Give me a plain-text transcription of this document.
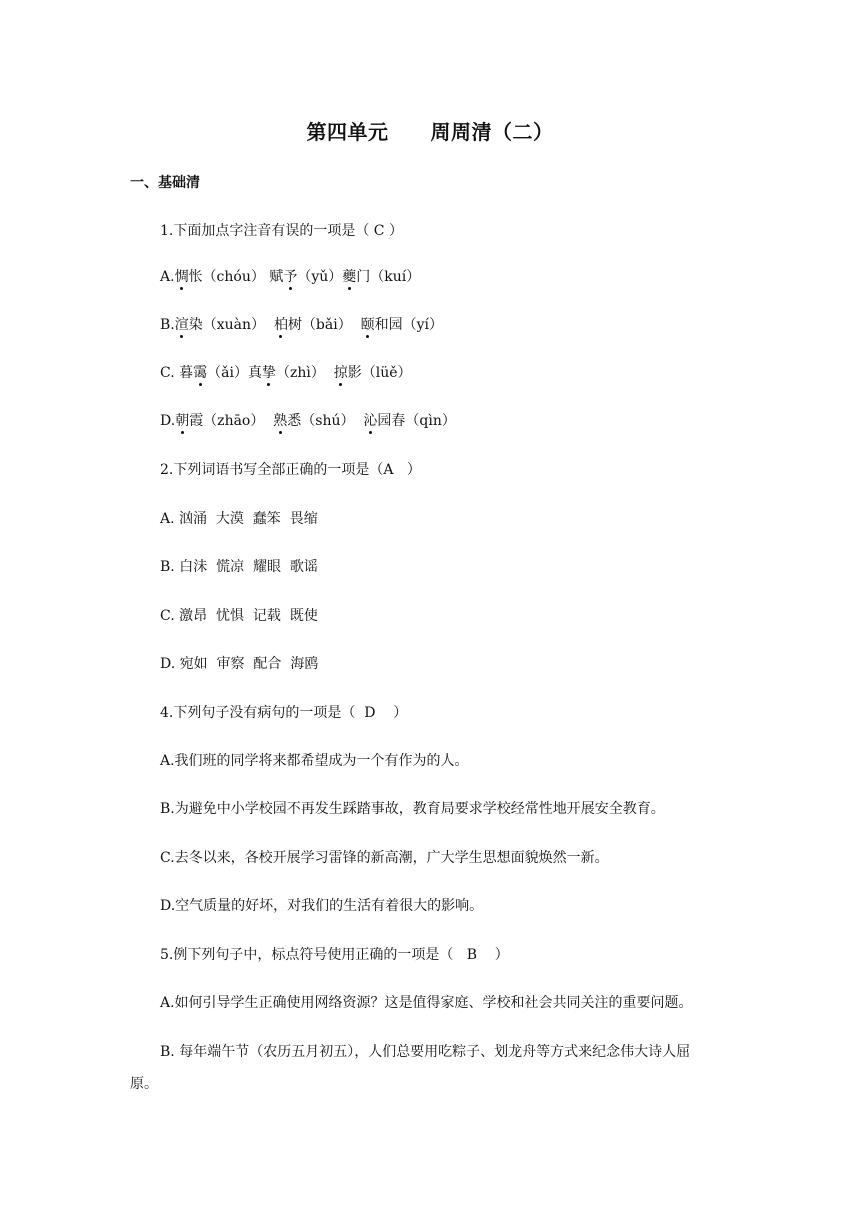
第四单元 周周清（二）
一、基础清
1.下面加点字注音有误的一项是（ C ）
A.惆怅（chóu） 赋予（yǔ）夔门（kuí）
B.渲染（xuàn）  柏树（bǎi）  颐和园（yí）
C. 暮霭（ǎi）真挚（zhì）  掠影（lüě）
D.朝霞（zhāo）  熟悉（shú）  沁园春（qìn）
2.下列词语书写全部正确的一项是（A   ）
A. 汹涌  大漠  蠢笨  畏缩
B. 白沬  慌凉  耀眼  歌谣
C. 激昂  忧惧  记载  既使
D. 宛如  审察  配合  海鸥
4.下列句子没有病句的一项是（  D    ）
A.我们班的同学将来都希望成为一个有作为的人。
B.为避免中小学校园不再发生踩踏事故，教育局要求学校经常性地开展安全教育。
C.去冬以来，各校开展学习雷锋的新高潮，广大学生思想面貌焕然一新。
D.空气质量的好坏，对我们的生活有着很大的影响。
5.例下列句子中，标点符号使用正确的一项是（   B    ）
A.如何引导学生正确使用网络资源？这是值得家庭、学校和社会共同关注的重要问题。
B. 每年端午节（农历五月初五），人们总要用吃粽子、划龙舟等方式来纪念伟大诗人屈
原。
